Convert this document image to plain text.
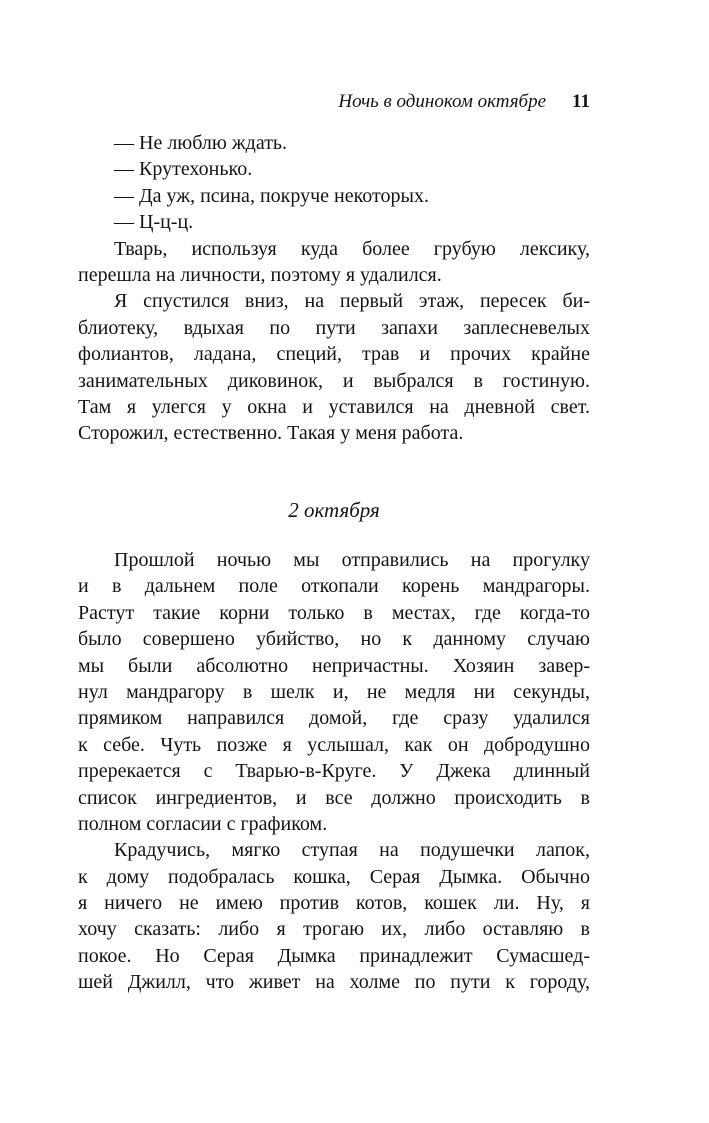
Ночь в одиноком октябре 11
— Не люблю ждать.
— Крутехонько.
— Да уж, псина, покруче некоторых.
— Ц-ц-ц.
Тварь, используя куда более грубую лексику,
перешла на личности, поэтому я удалился.
Я спустился вниз, на первый этаж, пересек би-
блиотеку, вдыхая по пути запахи заплесневелых
фолиантов, ладана, специй, трав и прочих крайне
занимательных диковинок, и выбрался в гостиную.
Там я улегся у окна и уставился на дневной свет.
Сторожил, естественно. Такая у меня работа.
2 октября
Прошлой ночью мы отправились на прогулку
и в дальнем поле откопали корень мандрагоры.
Растут такие корни только в местах, где когда-то
было совершено убийство, но к данному случаю
мы были абсолютно непричастны. Хозяин завер-
нул мандрагору в шелк и, не медля ни секунды,
прямиком направился домой, где сразу удалился
к себе. Чуть позже я услышал, как он добродушно
пререкается с Тварью-в-Круге. У Джека длинный
список ингредиентов, и все должно происходить в
полном согласии с графиком.
Крадучись, мягко ступая на подушечки лапок,
к дому подобралась кошка, Серая Дымка. Обычно
я ничего не имею против котов, кошек ли. Ну, я
хочу сказать: либо я трогаю их, либо оставляю в
покое. Но Серая Дымка принадлежит Сумасшед-
шей Джилл, что живет на холме по пути к городу,
